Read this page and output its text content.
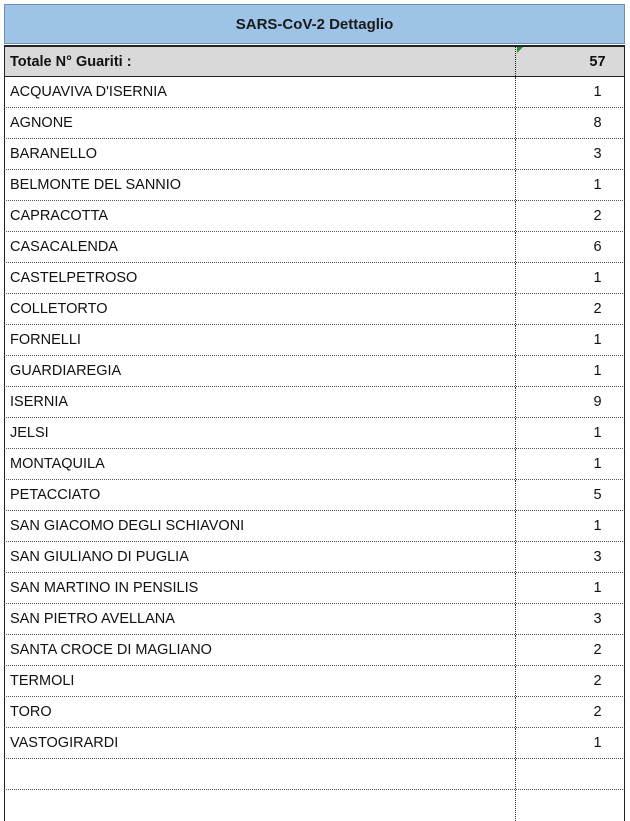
SARS-CoV-2 Dettaglio
Totale N° Guariti :	57
ACQUAVIVA D'ISERNIA	1
AGNONE	8
BARANELLO	3
BELMONTE DEL SANNIO	1
CAPRACOTTA	2
CASACALENDA	6
CASTELPETROSO	1
COLLETORTO	2
FORNELLI	1
GUARDIAREGIA	1
ISERNIA	9
JELSI	1
MONTAQUILA	1
PETACCIATO	5
SAN GIACOMO DEGLI SCHIAVONI	1
SAN GIULIANO DI PUGLIA	3
SAN MARTINO IN PENSILIS	1
SAN PIETRO AVELLANA	3
SANTA CROCE DI MAGLIANO	2
TERMOLI	2
TORO	2
VASTOGIRARDI	1
